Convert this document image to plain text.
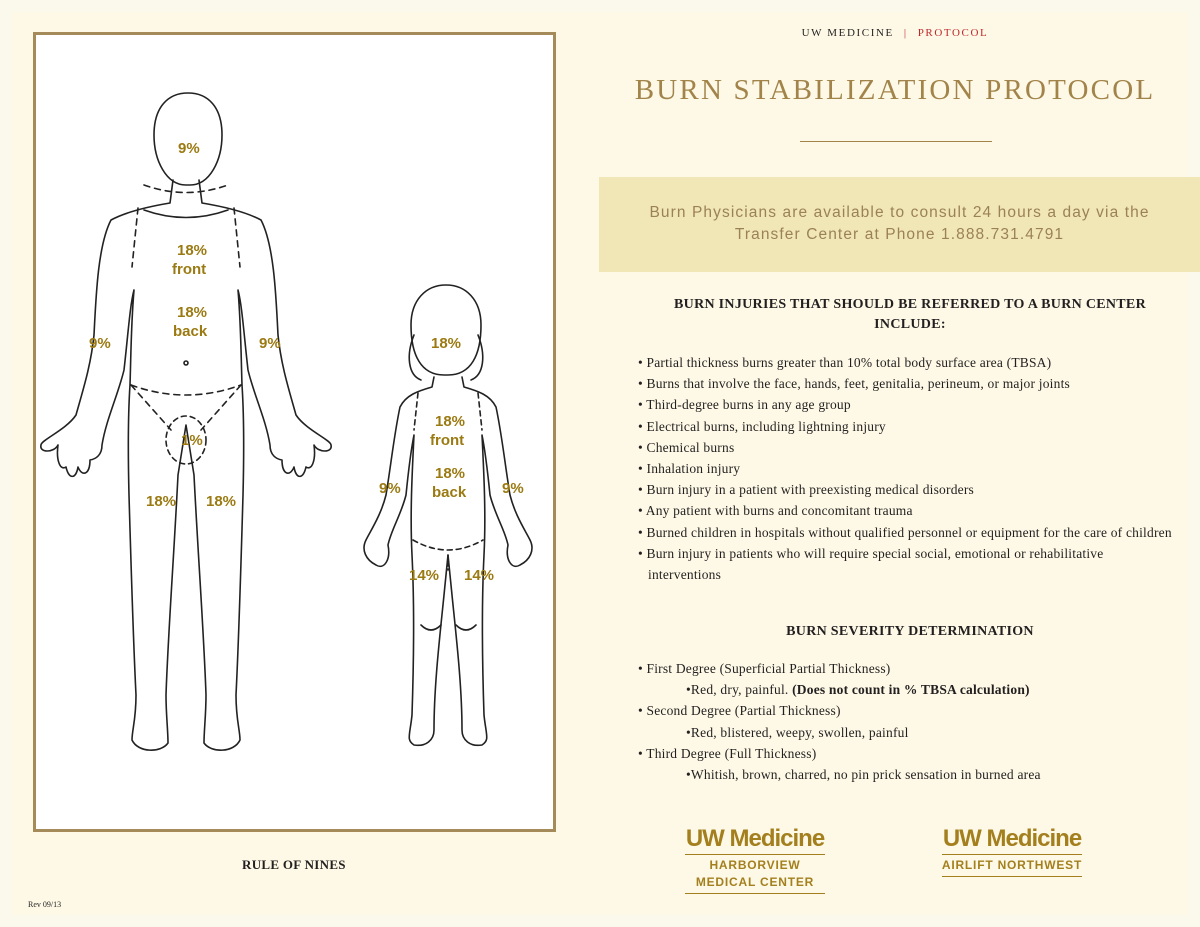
9%
18%
front
18%
back
9%	9%
1%
18% 18%
18%
18%
front
18%
back
9%	9%
14% 14%
RULE OF NINES
Rev 09/13
UW MEDICINE | PROTOCOL
BURN STABILIZATION PROTOCOL
Burn Physicians are available to consult 24 hours a day via the Transfer Center at Phone 1.888.731.4791
BURN INJURIES THAT SHOULD BE REFERRED TO A BURN CENTER INCLUDE:
• Partial thickness burns greater than 10% total body surface area (TBSA)
• Burns that involve the face, hands, feet, genitalia, perineum, or major joints
• Third-degree burns in any age group
• Electrical burns, including lightning injury
• Chemical burns
• Inhalation injury
• Burn injury in a patient with preexisting medical disorders
• Any patient with burns and concomitant trauma
• Burned children in hospitals without qualified personnel or equipment for the care of children
• Burn injury in patients who will require special social, emotional or rehabilitative interventions
BURN SEVERITY DETERMINATION
• First Degree (Superficial Partial Thickness)
•Red, dry, painful. (Does not count in % TBSA calculation)
• Second Degree (Partial Thickness)
•Red, blistered, weepy, swollen, painful
• Third Degree (Full Thickness)
•Whitish, brown, charred, no pin prick sensation in burned area
UW Medicine
HARBORVIEW
MEDICAL CENTER
UW Medicine
AIRLIFT NORTHWEST
